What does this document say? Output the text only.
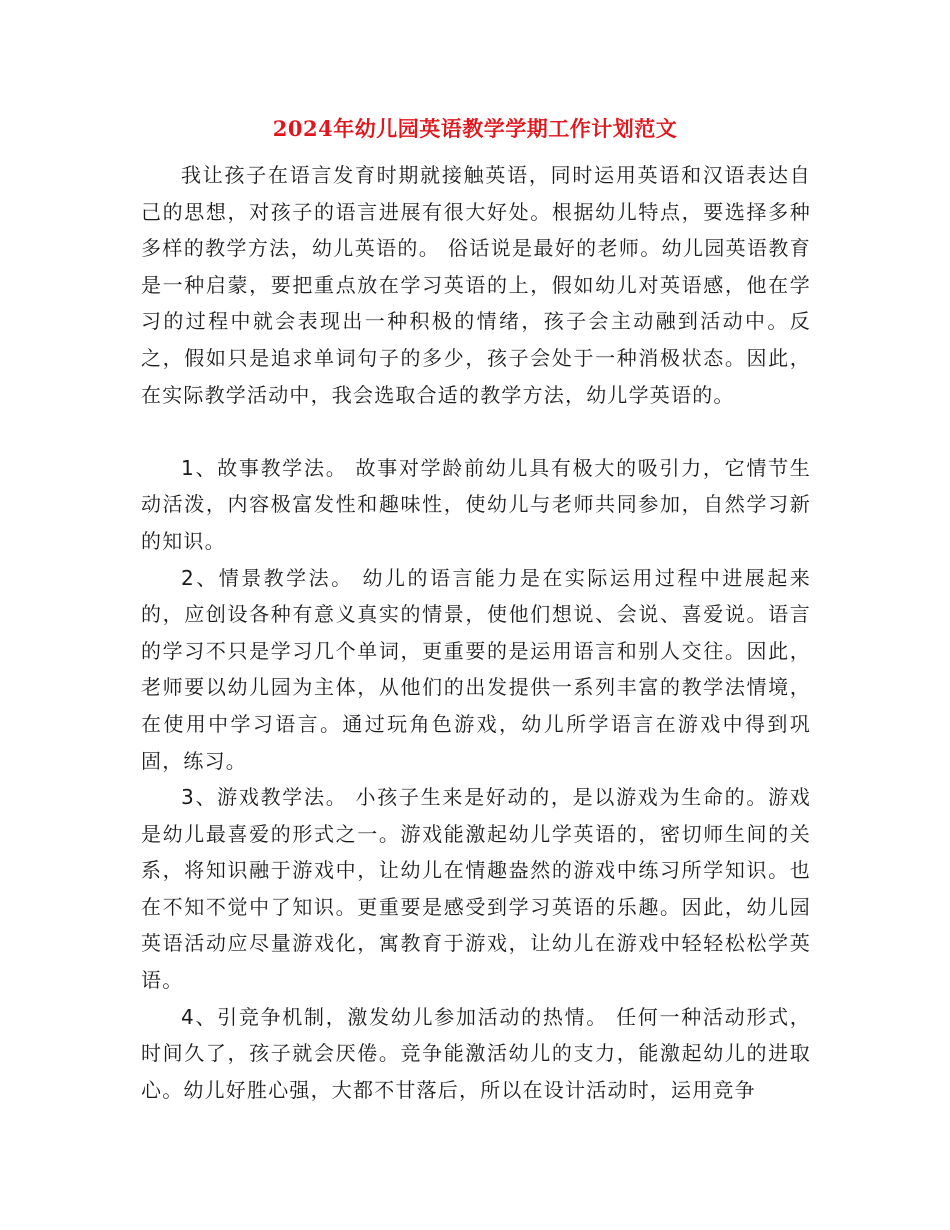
2024年幼儿园英语教学学期工作计划范文

我让孩子在语言发育时期就接触英语，同时运用英语和汉语表达自己的思想，对孩子的语言进展有很大好处。根据幼儿特点，要选择多种多样的教学方法，幼儿英语的。 俗话说是最好的老师。幼儿园英语教育是一种启蒙，要把重点放在学习英语的上，假如幼儿对英语感，他在学习的过程中就会表现出一种积极的情绪，孩子会主动融到活动中。反之，假如只是追求单词句子的多少，孩子会处于一种消极状态。因此，在实际教学活动中，我会选取合适的教学方法，幼儿学英语的。

1、故事教学法。 故事对学龄前幼儿具有极大的吸引力，它情节生动活泼，内容极富发性和趣味性，使幼儿与老师共同参加，自然学习新的知识。

2、情景教学法。 幼儿的语言能力是在实际运用过程中进展起来的，应创设各种有意义真实的情景，使他们想说、会说、喜爱说。语言的学习不只是学习几个单词，更重要的是运用语言和别人交往。因此，老师要以幼儿园为主体，从他们的出发提供一系列丰富的教学法情境，在使用中学习语言。通过玩角色游戏，幼儿所学语言在游戏中得到巩固，练习。

3、游戏教学法。 小孩子生来是好动的，是以游戏为生命的。游戏是幼儿最喜爱的形式之一。游戏能激起幼儿学英语的，密切师生间的关系，将知识融于游戏中，让幼儿在情趣盎然的游戏中练习所学知识。也在不知不觉中了知识。更重要是感受到学习英语的乐趣。因此，幼儿园英语活动应尽量游戏化，寓教育于游戏，让幼儿在游戏中轻轻松松学英语。

4、引竞争机制，激发幼儿参加活动的热情。 任何一种活动形式，时间久了，孩子就会厌倦。竞争能激活幼儿的支力，能激起幼儿的进取心。幼儿好胜心强，大都不甘落后，所以在设计活动时，运用竞争
